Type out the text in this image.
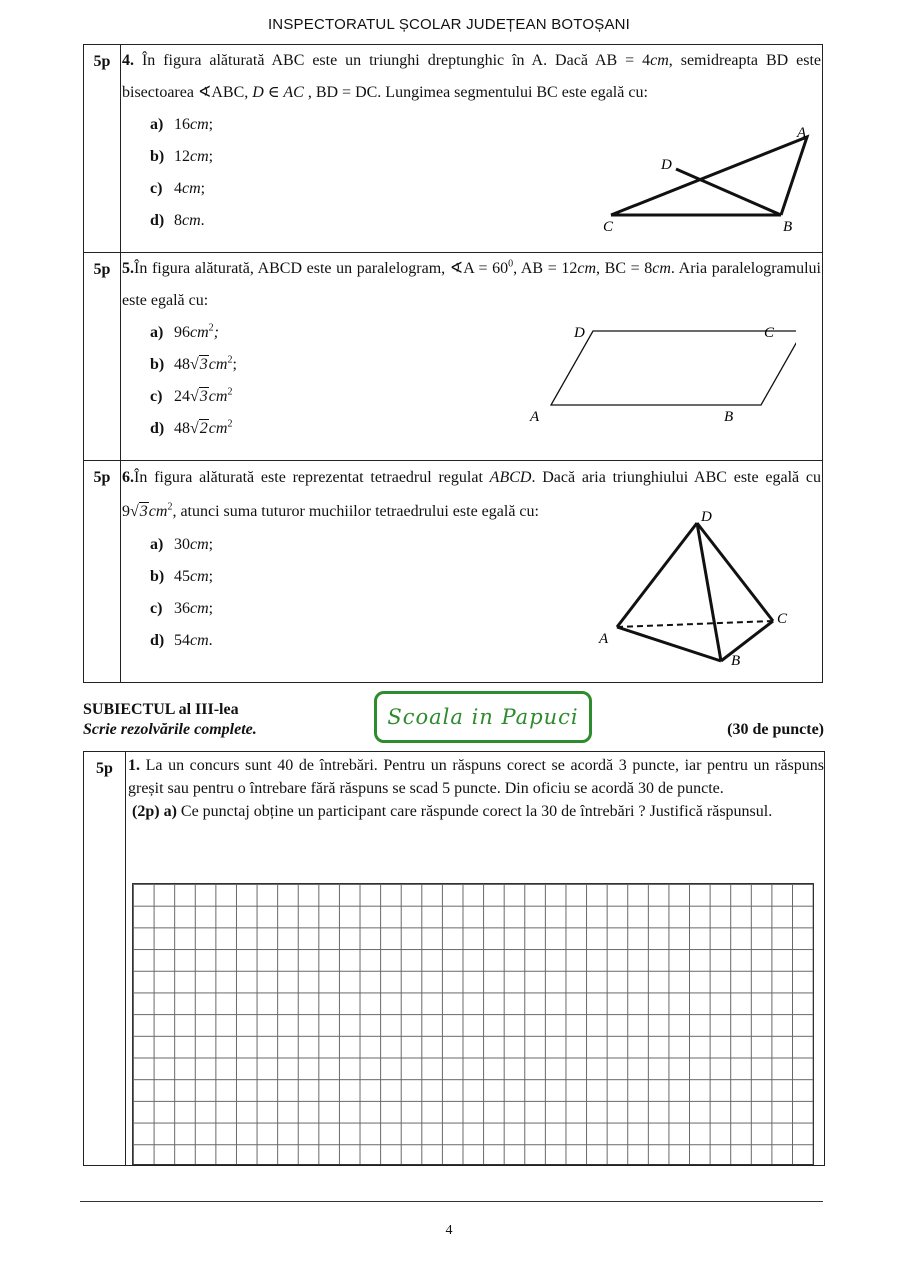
INSPECTORATUL ȘCOLAR JUDEȚEAN BOTOȘANI
5p	4. În figura alăturată ABC este un triunghi dreptunghic în A. Dacă AB = 4cm, semidreapta BD este bisectoarea ∢ABC, D ∈ AC , BD = DC. Lungimea segmentului BC este egală cu:
a) 16cm;
b) 12cm;
c) 4cm;
d) 8cm.
A
D
C	B
5p	5.În figura alăturată, ABCD este un paralelogram, ∢A = $60^0$, AB = 12cm, BC = 8cm. Aria paralelogramului este egală cu:
a) $96cm^2$;
b) $48√3cm^2$;
c) $24√3cm^2$
d) $48√2cm^2$	A	B
C
D
5p	6.În figura alăturată este reprezentat tetraedrul regulat ABCD. Dacă aria triunghiului ABC este egală cu $9√3cm^2$, atunci suma tuturor muchiilor tetraedrului este egală cu:
a) 30cm;
b) 45cm;
c) 36cm;
d) 54cm.	A
B
C
D
SUBIECTUL al III-lea
Scrie rezolvările complete.	(30 de puncte)
Scoala in Papuci
5p 1. La un concurs sunt 40 de întrebări. Pentru un răspuns corect se acordă 3 puncte, iar pentru un răspuns greșit sau pentru o întrebare fără răspuns se scad 5 puncte. Din oficiu se acordă 30 de puncte.
(2p) a) Ce punctaj obține un participant care răspunde corect la 30 de întrebări ? Justifică răspunsul.
4
